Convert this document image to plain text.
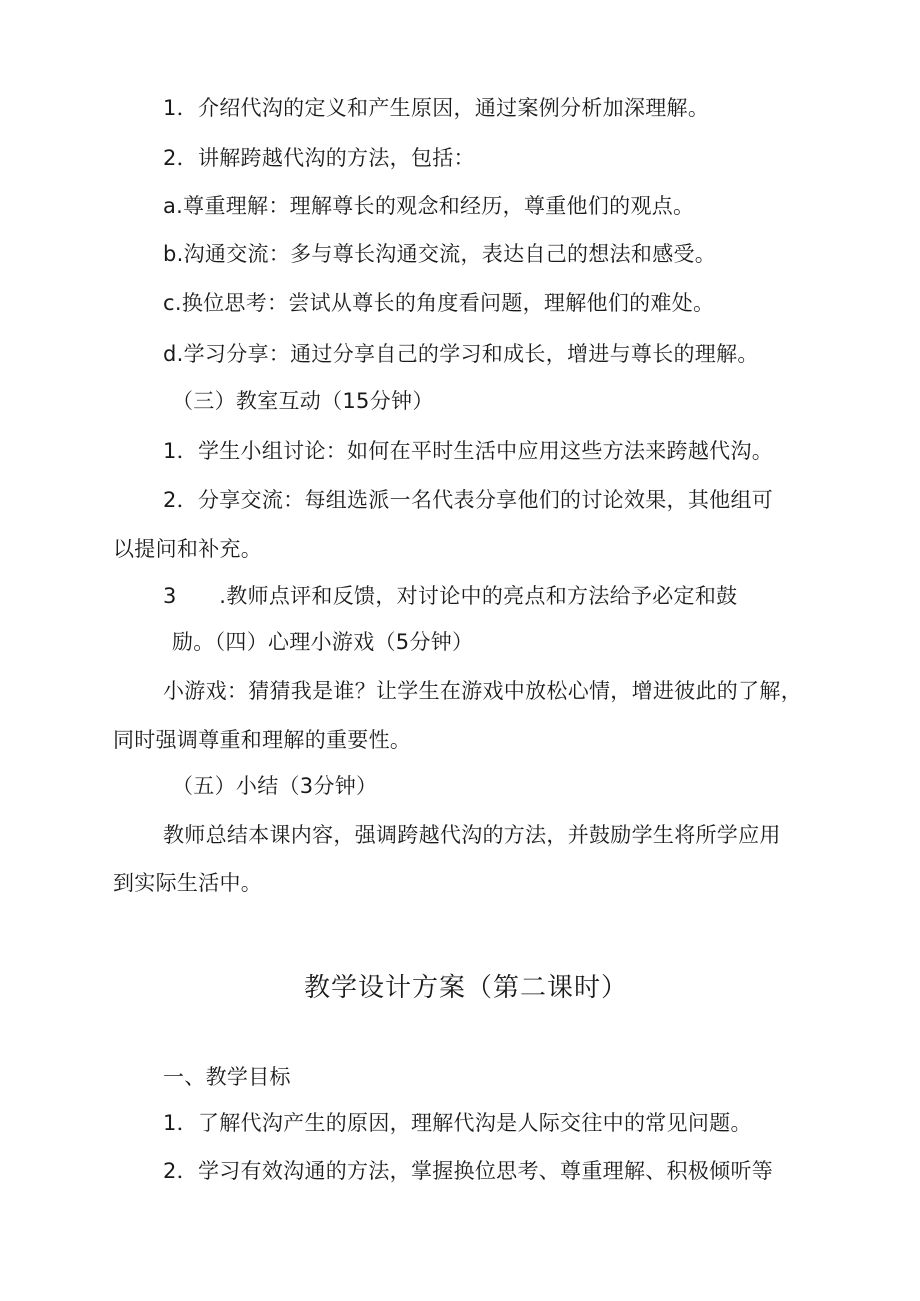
1．介绍代沟的定义和产生原因，通过案例分析加深理解。

2．讲解跨越代沟的方法，包括：

a.尊重理解：理解尊长的观念和经历，尊重他们的观点。

b.沟通交流：多与尊长沟通交流，表达自己的想法和感受。

c.换位思考：尝试从尊长的角度看问题，理解他们的难处。

d.学习分享：通过分享自己的学习和成长，增进与尊长的理解。

（三）教室互动（15分钟）

1．学生小组讨论：如何在平时生活中应用这些方法来跨越代沟。

2．分享交流：每组选派一名代表分享他们的讨论效果，其他组可

以提问和补充。

3　　.教师点评和反馈，对讨论中的亮点和方法给予必定和鼓

励。（四）心理小游戏（5分钟）

小游戏：猜猜我是谁？让学生在游戏中放松心情，增进彼此的了解，

同时强调尊重和理解的重要性。

（五）小结（3分钟）

教师总结本课内容，强调跨越代沟的方法，并鼓励学生将所学应用

到实际生活中。

教学设计方案（第二课时）

一、教学目标

1．了解代沟产生的原因，理解代沟是人际交往中的常见问题。

2．学习有效沟通的方法，掌握换位思考、尊重理解、积极倾听等
